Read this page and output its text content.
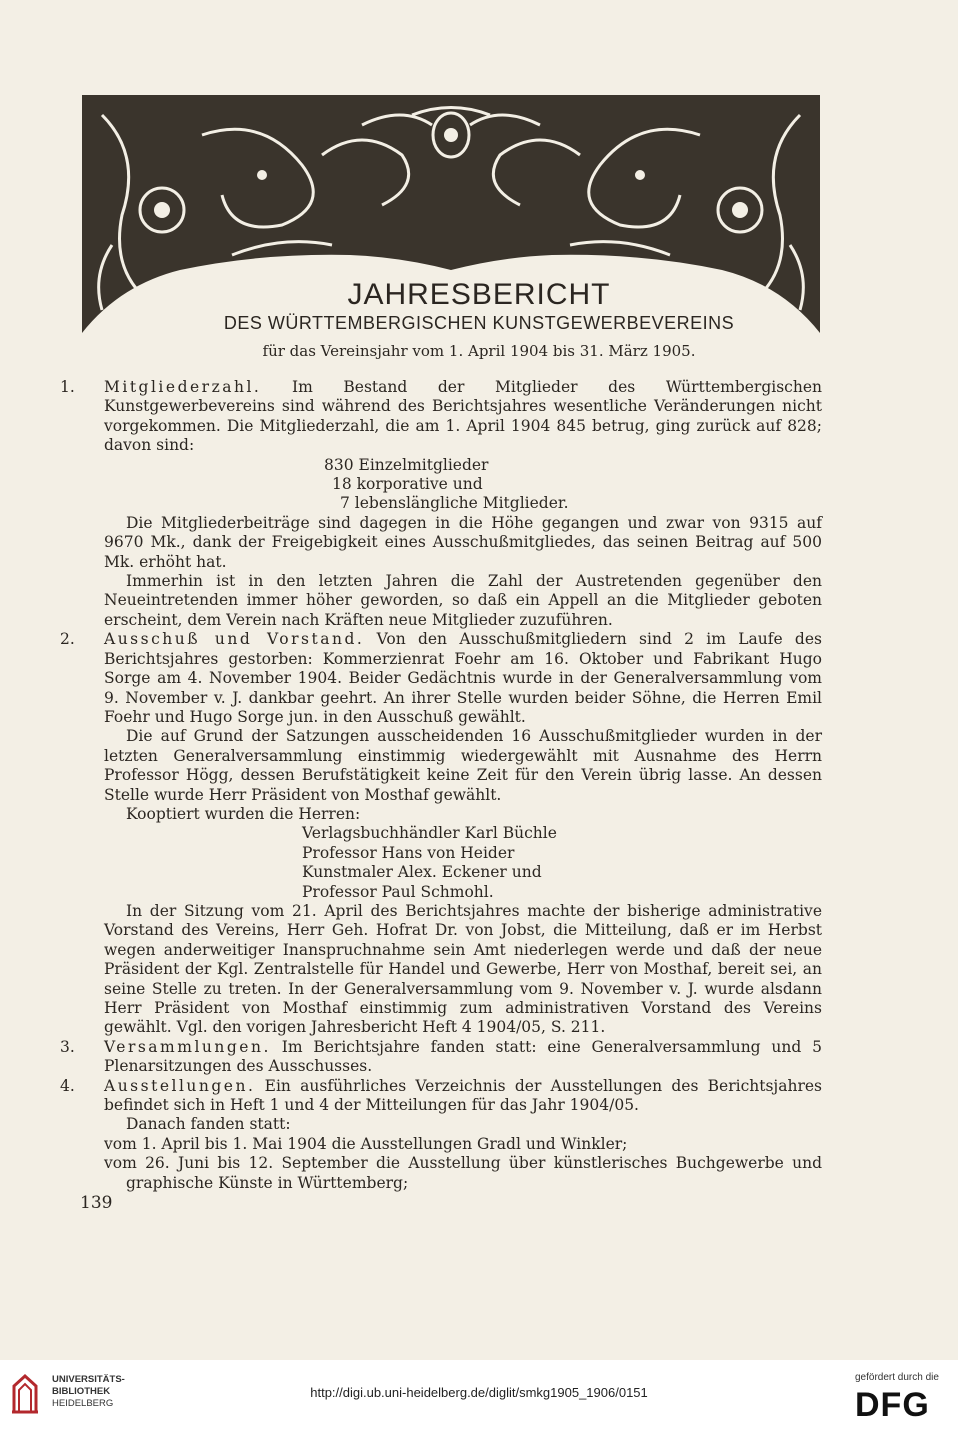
JAHRESBERICHT
DES WÜRTTEMBERGISCHEN KUNSTGEWERBEVEREINS
für das Vereinsjahr vom 1. April 1904 bis 31. März 1905.

1. Mitgliederzahl. Im Bestand der Mitglieder des Württembergischen Kunstgewerbevereins sind während des Berichtsjahres wesentliche Veränderungen nicht vorgekommen. Die Mitgliederzahl, die am 1. April 1904 845 betrug, ging zurück auf 828; davon sind:

830 Einzelmitglieder

18 korporative und

7 lebenslängliche Mitglieder.

Die Mitgliederbeiträge sind dagegen in die Höhe gegangen und zwar von 9315 auf 9670 Mk., dank der Freigebigkeit eines Ausschußmitgliedes, das seinen Beitrag auf 500 Mk. erhöht hat.

Immerhin ist in den letzten Jahren die Zahl der Austretenden gegenüber den Neueintretenden immer höher geworden, so daß ein Appell an die Mitglieder geboten erscheint, dem Verein nach Kräften neue Mitglieder zuzuführen.

2. Ausschuß und Vorstand. Von den Ausschußmitgliedern sind 2 im Laufe des Berichtsjahres gestorben: Kommerzienrat Foehr am 16. Oktober und Fabrikant Hugo Sorge am 4. November 1904. Beider Gedächtnis wurde in der Generalversammlung vom 9. November v. J. dankbar geehrt. An ihrer Stelle wurden beider Söhne, die Herren Emil Foehr und Hugo Sorge jun. in den Ausschuß gewählt.

Die auf Grund der Satzungen ausscheidenden 16 Ausschußmitglieder wurden in der letzten Generalversammlung einstimmig wiedergewählt mit Ausnahme des Herrn Professor Högg, dessen Berufstätigkeit keine Zeit für den Verein übrig lasse. An dessen Stelle wurde Herr Präsident von Mosthaf gewählt.

Kooptiert wurden die Herren:

Verlagsbuchhändler Karl Büchle

Professor Hans von Heider

Kunstmaler Alex. Eckener und

Professor Paul Schmohl.

In der Sitzung vom 21. April des Berichtsjahres machte der bisherige administrative Vorstand des Vereins, Herr Geh. Hofrat Dr. von Jobst, die Mitteilung, daß er im Herbst wegen anderweitiger Inanspruchnahme sein Amt niederlegen werde und daß der neue Präsident der Kgl. Zentralstelle für Handel und Gewerbe, Herr von Mosthaf, bereit sei, an seine Stelle zu treten. In der Generalversammlung vom 9. November v. J. wurde alsdann Herr Präsident von Mosthaf einstimmig zum administrativen Vorstand des Vereins gewählt. Vgl. den vorigen Jahresbericht Heft 4 1904/05, S. 211.

3. Versammlungen. Im Berichtsjahre fanden statt: eine Generalversammlung und 5 Plenarsitzungen des Ausschusses.

4. Ausstellungen. Ein ausführliches Verzeichnis der Ausstellungen des Berichtsjahres befindet sich in Heft 1 und 4 der Mitteilungen für das Jahr 1904/05.

Danach fanden statt:

vom 1. April bis 1. Mai 1904 die Ausstellungen Gradl und Winkler;

vom 26. Juni bis 12. September die Ausstellung über künstlerisches Buchgewerbe und graphische Künste in Württemberg;

139
UNIVERSITÄTS-
BIBLIOTHEK
HEIDELBERG
http://digi.ub.uni-heidelberg.de/diglit/smkg1905_1906/0151
gefördert durch die
DFG
